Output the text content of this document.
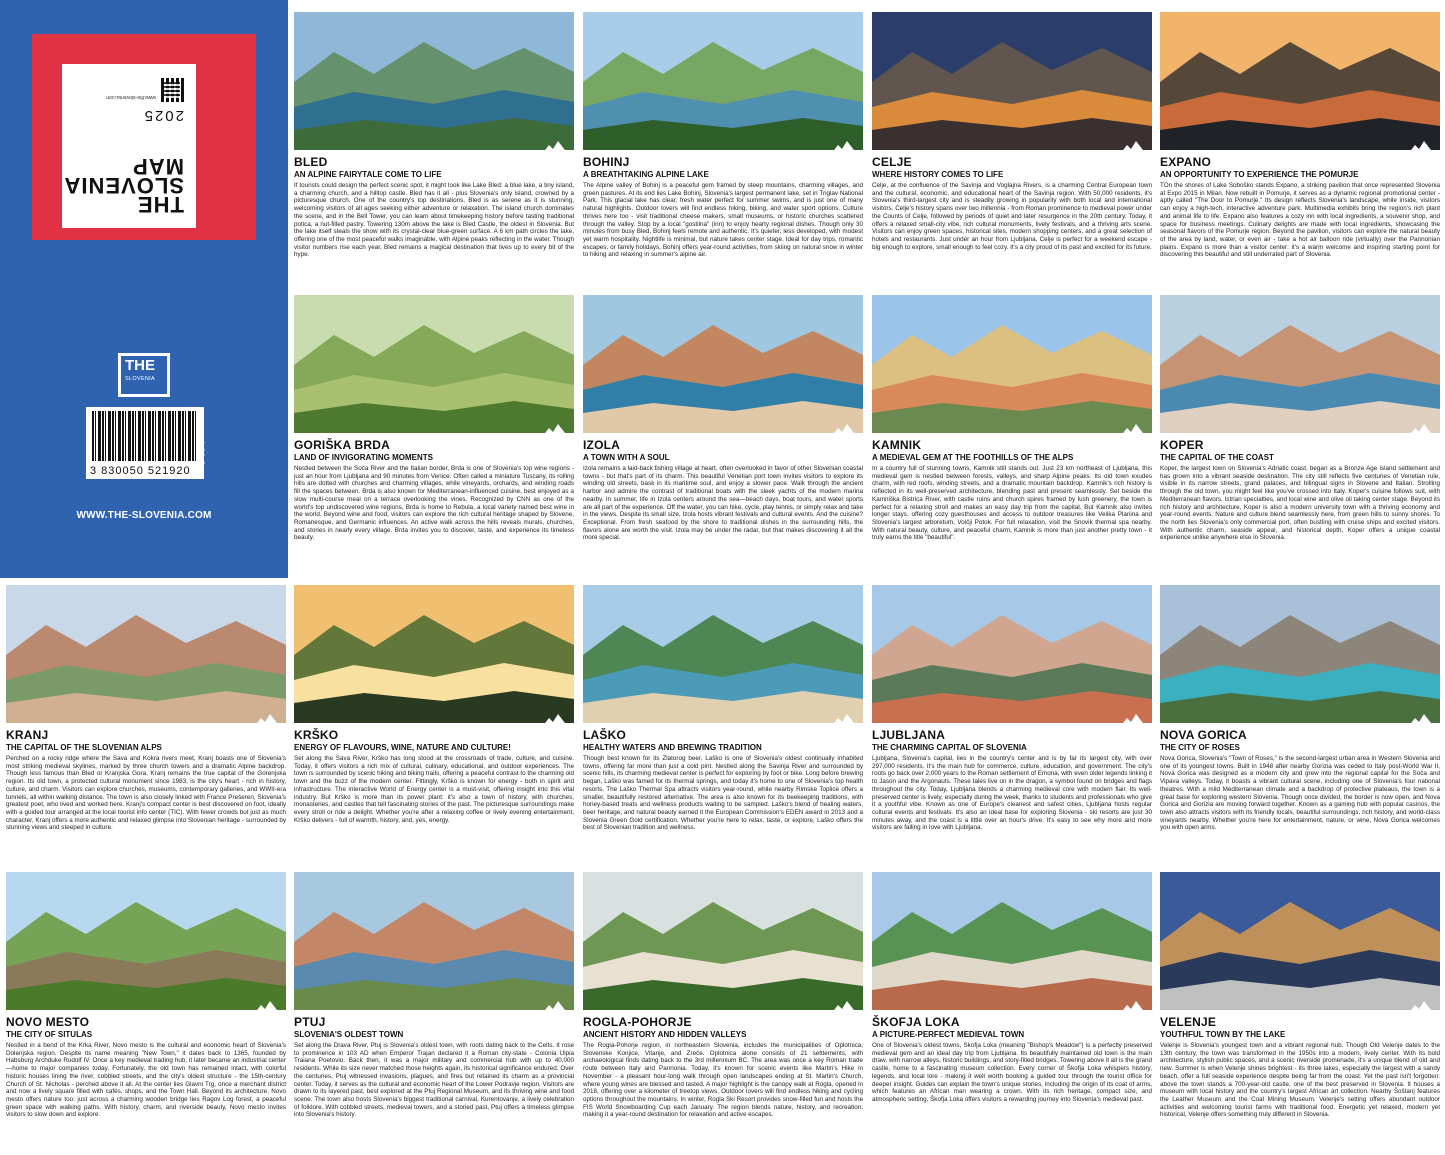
THE
SLOVENIA
MAP
2025
www.the-slovenia.com
THE
SLOVENIA
3 830050 521920
1,99 €
WWW.THE-SLOVENIA.COM
BLED
AN ALPINE FAIRYTALE COME TO LIFE
If tourists could design the perfect scenic spot, it might look like Lake Bled: a blue lake, a tiny island, a charming church, and a hilltop castle. Bled has it all - plus Slovenia's only island, crowned by a picturesque church. One of the country's top destinations, Bled is as serene as it is stunning, welcoming visitors of all ages seeking either adventure or relaxation. The island church dominates the scene, and in the Bell Tower, you can learn about timekeeping history before tasting traditional potica, a nut-filled pastry. Towering 130m above the lake is Bled Castle, the oldest in Slovenia. But the lake itself steals the show with its crystal-clear blue-green surface. A 6 km path circles the lake, offering one of the most peaceful walks imaginable, with Alpine peaks reflecting in the water. Though visitor numbers rise each year, Bled remains a magical destination that lives up to every bit of the hype.
BOHINJ
A BREATHTAKING ALPINE LAKE
The Alpine valley of Bohinj is a peaceful gem framed by steep mountains, charming villages, and green pastures. At its end lies Lake Bohinj, Slovenia's largest permanent lake, set in Triglav National Park. This glacial lake has clear, fresh water perfect for summer swims, and is just one of many natural highlights. Outdoor lovers will find endless hiking, biking, and water sport options. Culture thrives here too - visit traditional cheese makers, small museums, or historic churches scattered through the valley. Stop by a local "gostilna" (inn) to enjoy hearty regional dishes. Though only 30 minutes from busy Bled, Bohinj feels remote and authentic. It's quieter, less developed, with modest yet warm hospitality. Nightlife is minimal, but nature takes center stage. Ideal for day trips, romantic escapes, or family holidays, Bohinj offers year-round activities, from skiing on natural snow in winter to hiking and relaxing in summer's alpine air.
CELJE
WHERE HISTORY COMES TO LIFE
Celje, at the confluence of the Savinja and Voglajna Rivers, is a charming Central European town and the cultural, economic, and educational heart of the Savinja region. With 50,000 residents, it's Slovenia's third-largest city and is steadily growing in popularity with both local and international visitors. Celje's history spans over two millennia - from Roman prominence to medieval power under the Counts of Celje, followed by periods of quiet and later resurgence in the 20th century. Today, it offers a relaxed small-city vibe, rich cultural monuments, lively festivals, and a thriving arts scene. Visitors can enjoy green spaces, historical sites, modern shopping centers, and a great selection of hotels and restaurants. Just under an hour from Ljubljana, Celje is perfect for a weekend escape - big enough to explore, small enough to feel cozy. It's a city proud of its past and excited for its future.
EXPANO
AN OPPORTUNITY TO EXPERIENCE THE POMURJE
TOn the shores of Lake Soboško stands Expano, a striking pavilion that once represented Slovenia at Expo 2015 in Milan. Now rebuilt in Pomurje, it serves as a dynamic regional promotional center - aptly called "The Door to Pomurje." Its design reflects Slovenia's landscape, while inside, visitors can enjoy a high-tech, interactive adventure park. Multimedia exhibits bring the region's rich plant and animal life to life. Expano also features a cozy inn with local ingredients, a souvenir shop, and space for business meetings. Culinary delights are made with local ingredients, showcasing the seasonal flavors of the Pomurje region. Beyond the pavilion, visitors can explore the natural beauty of the area by land, water, or even air - take a hot air balloon ride (virtually) over the Pannonian plains. Expano is more than a visitor center: it's a warm welcome and inspiring starting point for discovering this beautiful and still underrated part of Slovenia.
GORIŠKA BRDA
LAND OF INVIGORATING MOMENTS
Nestled between the Soča River and the Italian border, Brda is one of Slovenia's top wine regions - just an hour from Ljubljana and 90 minutes from Venice. Often called a miniature Tuscany, its rolling hills are dotted with churches and charming villages, while vineyards, orchards, and winding roads fill the spaces between. Brda is also known for Mediterranean-influenced cuisine, best enjoyed as a slow multi-course meal on a terrace overlooking the vines. Recognized by CNN as one of the world's top undiscovered wine regions, Brda is home to Rebula, a local variety named best wine in the world. Beyond wine and food, visitors can explore the rich cultural heritage shaped by Slovene, Romanesque, and Germanic influences. An active walk across the hills reveals murals, churches, and stories in nearly every village. Brda invites you to discover, taste, and experience its timeless beauty.
IZOLA
A TOWN WITH A SOUL
Izola remains a laid-back fishing village at heart, often overlooked in favor of other Slovenian coastal towns - but that's part of its charm. This beautiful Venetian port town invites visitors to explore its winding old streets, bask in its maritime soul, and enjoy a slower pace. Walk through the ancient harbor and admire the contrast of traditional boats with the sleek yachts of the modern marina nearby. In summer, life in Izola centers around the sea—beach days, boat tours, and water sports are all part of the experience. Off the water, you can hike, cycle, play tennis, or simply relax and take in the views. Despite its small size, Izola hosts vibrant festivals and cultural events. And the cuisine? Exceptional. From fresh seafood by the shore to traditional dishes in the surrounding hills, the flavors alone are worth the visit. Izola may be under the radar, but that makes discovering it all the more special.
KAMNIK
A MEDIEVAL GEM AT THE FOOTHILLS OF THE ALPS
In a country full of stunning towns, Kamnik still stands out. Just 23 km northeast of Ljubljana, this medieval gem is nestled between forests, valleys, and sharp Alpine peaks. Its old town exudes charm, with red roofs, winding streets, and a dramatic mountain backdrop. Kamnik's rich history is reflected in its well-preserved architecture, blending past and present seamlessly. Set beside the Kamniška Bistrica River, with castle ruins and church spires framed by lush greenery, the town is perfect for a relaxing stroll and makes an easy day trip from the capital. But Kamnik also invites longer stays, offering cozy guesthouses and access to outdoor treasures like Velika Planina and Slovenia's largest arboretum, Volčji Potok. For full relaxation, visit the Snovik thermal spa nearby. With natural beauty, culture, and peaceful charm, Kamnik is more than just another pretty town - it truly earns the title "beautiful".
KOPER
THE CAPITAL OF THE COAST
Koper, the largest town on Slovenia's Adriatic coast, began as a Bronze Age island settlement and has grown into a vibrant seaside destination. The city still reflects five centuries of Venetian rule, visible in its narrow streets, grand palaces, and bilingual signs in Slovene and Italian. Strolling through the old town, you might feel like you've crossed into Italy. Koper's cuisine follows suit, with Mediterranean flavors, Istrian specialties, and local wine and olive oil taking center stage. Beyond its rich history and architecture, Koper is also a modern university town with a thriving economy and year-round events. Nature and culture blend seamlessly here, from green hills to sunny shores. To the north lies Slovenia's only commercial port, often bustling with cruise ships and excited visitors. With authentic charm, seaside appeal, and historical depth, Koper offers a unique coastal experience unlike anywhere else in Slovenia.
KRANJ
THE CAPITAL OF THE SLOVENIAN ALPS
Perched on a rocky ridge where the Sava and Kokra rivers meet, Kranj boasts one of Slovenia's most striking medieval skylines, marked by three church towers and a dramatic Alpine backdrop. Though less famous than Bled or Kranjska Gora, Kranj remains the true capital of the Gorenjska region. Its old town, a protected cultural monument since 1983, is the city's heart - rich in history, culture, and charm. Visitors can explore churches, museums, contemporary galleries, and WWII-era tunnels, all within walking distance. The town is also closely linked with France Prešeren, Slovenia's greatest poet, who lived and worked here. Kranj's compact center is best discovered on foot, ideally with a guided tour arranged at the local tourist info center (TIC). With fewer crowds but just as much character, Kranj offers a more authentic and relaxed glimpse into Slovenian heritage - surrounded by stunning views and steeped in culture.
KRŠKO
ENERGY OF FLAVOURS, WINE, NATURE AND CULTURE!
Set along the Sava River, Krško has long stood at the crossroads of trade, culture, and cuisine. Today, it offers visitors a rich mix of cultural, culinary, educational, and outdoor experiences. The town is surrounded by scenic hiking and biking trails, offering a peaceful contrast to the charming old town and the buzz of the modern center. Fittingly, Krško is known for energy - both in spirit and infrastructure. The interactive World of Energy center is a must-visit, offering insight into this vital industry. But Krško is more than its power plant: it's also a town of history, with churches, monasteries, and castles that tell fascinating stories of the past. The picturesque surroundings make every stroll or ride a delight. Whether you're after a relaxing coffee or lively evening entertainment, Krško delivers - full of warmth, history, and, yes, energy.
LAŠKO
HEALTHY WATERS AND BREWING TRADITION
Though best known for its Zlatorog beer, Laško is one of Slovenia's oldest continually inhabited towns, offering far more than just a cold pint. Nestled along the Savinja River and surrounded by scenic hills, its charming medieval center is perfect for exploring by foot or bike. Long before brewing began, Laško was famed for its thermal springs, and today it's home to one of Slovenia's top health resorts. The Laško Thermal Spa attracts visitors year-round, while nearby Rimske Toplice offers a smaller, beautifully restored alternative. The area is also known for its beekeeping traditions, with honey-based treats and wellness products waiting to be sampled. Laško's blend of healing waters, beer heritage, and natural beauty earned it the European Commission's EDEN award in 2013 and a Slovenia Green Gold certification. Whether you're here to relax, taste, or explore, Laško offers the best of Slovenian tradition and wellness.
LJUBLJANA
THE CHARMING CAPITAL OF SLOVENIA
Ljubljana, Slovenia's capital, lies in the country's center and is by far its largest city, with over 297,000 residents. It's the main hub for commerce, culture, education, and government. The city's roots go back over 2,000 years to the Roman settlement of Emona, with even older legends linking it to Jason and the Argonauts. These tales live on in the dragon, a symbol found on bridges and flags throughout the city. Today, Ljubljana blends a charming medieval core with modern flair. Its well-preserved center is lively, especially during the week, thanks to students and professionals who give it a youthful vibe. Known as one of Europe's cleanest and safest cities, Ljubljana hosts regular cultural events and festivals. It's also an ideal base for exploring Slovenia - ski resorts are just 30 minutes away, and the coast is a little over an hour's drive. It's easy to see why more and more visitors are falling in love with Ljubljana.
NOVA GORICA
THE CITY OF ROSES
Nova Gorica, Slovenia's "Town of Roses," is the second-largest urban area in Western Slovenia and one of its youngest towns. Built in 1948 after nearby Gorizia was ceded to Italy post-World War II, Nova Gorica was designed as a modern city and grew into the regional capital for the Soča and Vipava valleys. Today, it boasts a vibrant cultural scene, including one of Slovenia's four national theatres. With a mild Mediterranean climate and a backdrop of protective plateaus, the town is a great base for exploring western Slovenia. Though once divided, the border is now open, and Nova Gorica and Gorizia are moving forward together. Known as a gaming hub with popular casinos, the town also attracts visitors with its friendly locals, beautiful surroundings, rich history, and world-class vineyards nearby. Whether you're here for entertainment, nature, or wine, Nova Gorica welcomes you with open arms.
NOVO MESTO
THE CITY OF SITULAS
Nestled in a bend of the Krka River, Novo mesto is the cultural and economic heart of Slovenia's Dolenjska region. Despite its name meaning "New Town," it dates back to 1365, founded by Habsburg Archduke Rudolf IV. Once a key medieval trading hub, it later became an industrial center—home to major companies today. Fortunately, the old town has remained intact, with colorful historic houses lining the river, cobbled streets, and the city's oldest structure - the 15th-century Church of St. Nicholas - perched above it all. At the center lies Glavni Trg, once a merchant district and now a lively square filled with cafés, shops, and the Town Hall. Beyond its architecture, Novo mesto offers nature too: just across a charming wooden bridge lies Ragov Log forest, a peaceful green space with walking paths. With history, charm, and riverside beauty, Novo mesto invites visitors to slow down and explore.
PTUJ
SLOVENIA'S OLDEST TOWN
Set along the Drava River, Ptuj is Slovenia's oldest town, with roots dating back to the Celts. It rose to prominence in 103 AD when Emperor Trajan declared it a Roman city-state - Colonia Ulpia Traiana Poetovio. Back then, it was a major military and commercial hub with up to 40,000 residents. While its size never matched those heights again, its historical significance endured. Over the centuries, Ptuj witnessed invasions, plagues, and fires but retained its charm as a provincial center. Today, it serves as the cultural and economic heart of the Lower Podravje region. Visitors are drawn to its layered past, best explored at the Ptuj Regional Museum, and its thriving wine and food scene. The town also hosts Slovenia's biggest traditional carnival, Kurentovanje, a lively celebration of folklore. With cobbled streets, medieval towers, and a storied past, Ptuj offers a timeless glimpse into Slovenia's history.
ROGLA-POHORJE
ANCIENT HISTORY AND HIDDEN VALLEYS
The Rogla-Pohorje region, in northeastern Slovenia, includes the municipalities of Oplotnica, Slovenske Konjice, Vitanje, and Zreče. Oplotnica alone consists of 21 settlements, with archaeological finds dating back to the 3rd millennium BC. The area was once a key Roman trade route between Italy and Pannonia. Today, it's known for scenic events like Martin's Hike in November - a pleasant hour-long walk through open landscapes ending at St. Martin's Church, where young wines are blessed and tasted. A major highlight is the canopy walk at Rogla, opened in 2018, offering over a kilometer of treetop views. Outdoor lovers will find endless hiking and cycling options throughout the mountains. In winter, Rogla Ski Resort provides snow-filled fun and hosts the FIS World Snowboarding Cup each January. The region blends nature, history, and recreation, making it a year-round destination for relaxation and active escapes.
ŠKOFJA LOKA
A PICTURE-PERFECT MEDIEVAL TOWN
One of Slovenia's oldest towns, Škofja Loka (meaning "Bishop's Meadow") is a perfectly preserved medieval gem and an ideal day trip from Ljubljana. Its beautifully maintained old town is the main draw, with narrow alleys, historic buildings, and story-filled bridges. Towering above it all is the grand castle, home to a fascinating museum collection. Every corner of Škofja Loka whispers history, legends, and local lore - making it well worth booking a guided tour through the tourist office for deeper insight. Guides can explain the town's unique stories, including the origin of its coat of arms, which features an African man wearing a crown. With its rich heritage, compact size, and atmospheric setting, Škofja Loka offers visitors a rewarding journey into Slovenia's medieval past.
VELENJE
YOUTHFUL TOWN BY THE LAKE
Velenje is Slovenia's youngest town and a vibrant regional hub. Though Old Velenje dates to the 13th century, the town was transformed in the 1950s into a modern, lively center. With its bold architecture, stylish public spaces, and a scenic riverside promenade, it's a unique blend of old and new. Summer is when Velenje shines brightest - its three lakes, especially the largest with a sandy beach, offer a full seaside experience despite being far from the coast. Yet the past isn't forgotten: above the town stands a 700-year-old castle, one of the best preserved in Slovenia. It houses a museum with local history and the country's largest African art collection. Nearby Šoštanj features the Leather Museum and the Coal Mining Museum. Velenje's setting offers abundant outdoor activities and welcoming tourist farms with traditional food. Energetic yet relaxed, modern yet historical, Velenje offers something truly different in Slovenia.
